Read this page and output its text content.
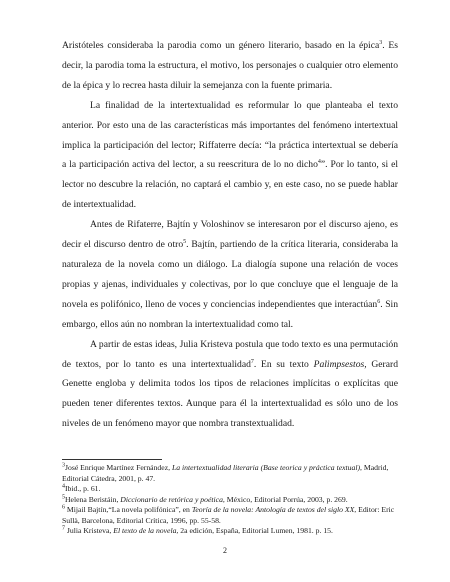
Aristóteles consideraba la parodia como un género literario, basado en la épica$^3$. Es decir, la parodia toma la estructura, el motivo, los personajes o cualquier otro elemento de la épica y lo recrea hasta diluir la semejanza con la fuente primaria.

La finalidad de la intertextualidad es reformular lo que planteaba el texto anterior. Por esto una de las características más importantes del fenómeno intertextual implica la participación del lector; Riffaterre decía: “la práctica intertextual se debería a la participación activa del lector, a su reescritura de lo no dicho$^4$”. Por lo tanto, si el lector no descubre la relación, no captará el cambio y, en este caso, no se puede hablar de intertextualidad.

Antes de Rifaterre, Bajtín y Voloshinov se interesaron por el discurso ajeno, es decir el discurso dentro de otro$^5$. Bajtín, partiendo de la crítica literaria, consideraba la naturaleza de la novela como un diálogo. La dialogía supone una relación de voces propias y ajenas, individuales y colectivas, por lo que concluye que el lenguaje de la novela es polifónico, lleno de voces y conciencias independientes que interactúan$^6$. Sin embargo, ellos aún no nombran la intertextualidad como tal.

A partir de estas ideas, Julia Kristeva postula que todo texto es una permutación de textos, por lo tanto es una intertextualidad$^7$. En su texto Palimpsestos, Gerard Genette engloba y delimita todos los tipos de relaciones implícitas o explícitas que pueden tener diferentes textos. Aunque para él la intertextualidad es sólo uno de los niveles de un fenómeno mayor que nombra transtextualidad.

$^3$José Enrique Martínez Fernández, La intertextualidad literaria (Base teorica y práctica textual), Madrid, Editorial Cátedra, 2001, p. 47.

$^4$Ibid., p. 61.

$^5$Helena Beristáin, Diccionario de retórica y poética, México, Editorial Porrúa, 2003, p. 269.

$^6$ Mijail Bajtín,“La novela polifónica”, en Teoría de la novela: Antología de textos del siglo XX, Editor: Eric Sullà, Barcelona, Editorial Crítica, 1996, pp. 55-58.

$^7$ Julia Kristeva, El texto de la novela, 2a edición, España, Editorial Lumen, 1981. p. 15.

2
